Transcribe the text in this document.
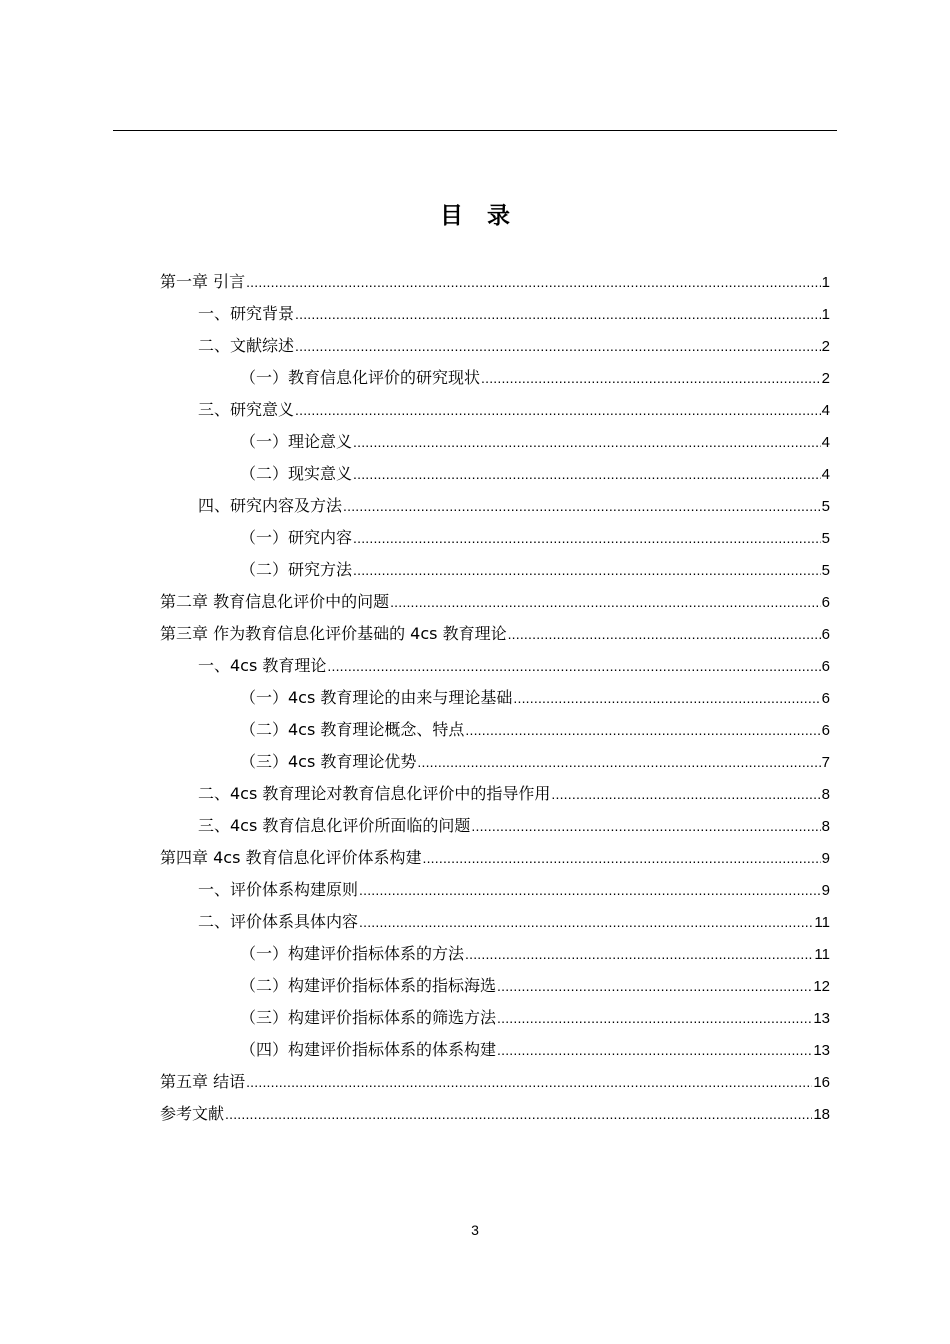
目录
第一章 引言 .....	1
一、研究背景 .....	1
二、文献综述 .....	2
（一）教育信息化评价的研究现状 .....	2
三、研究意义 .....	4
（一）理论意义 .....	4
（二）现实意义 .....	4
四、研究内容及方法 .....	5
（一）研究内容 .....	5
（二）研究方法 .....	5
第二章 教育信息化评价中的问题 .....	6
第三章 作为教育信息化评价基础的 4cs 教育理论 .....	6
一、4cs 教育理论 .....	6
（一）4cs 教育理论的由来与理论基础 .....	6
（二）4cs 教育理论概念、特点 .....	6
（三）4cs 教育理论优势 .....	7
二、4cs 教育理论对教育信息化评价中的指导作用 .....	8
三、4cs 教育信息化评价所面临的问题 .....	8
第四章 4cs 教育信息化评价体系构建 .....	9
一、评价体系构建原则 .....	9
二、评价体系具体内容 .....	11
（一）构建评价指标体系的方法 .....	11
（二）构建评价指标体系的指标海选 .....	12
（三）构建评价指标体系的筛选方法 .....	13
（四）构建评价指标体系的体系构建 .....	13
第五章 结语 .....	16
参考文献 .....	18
3
